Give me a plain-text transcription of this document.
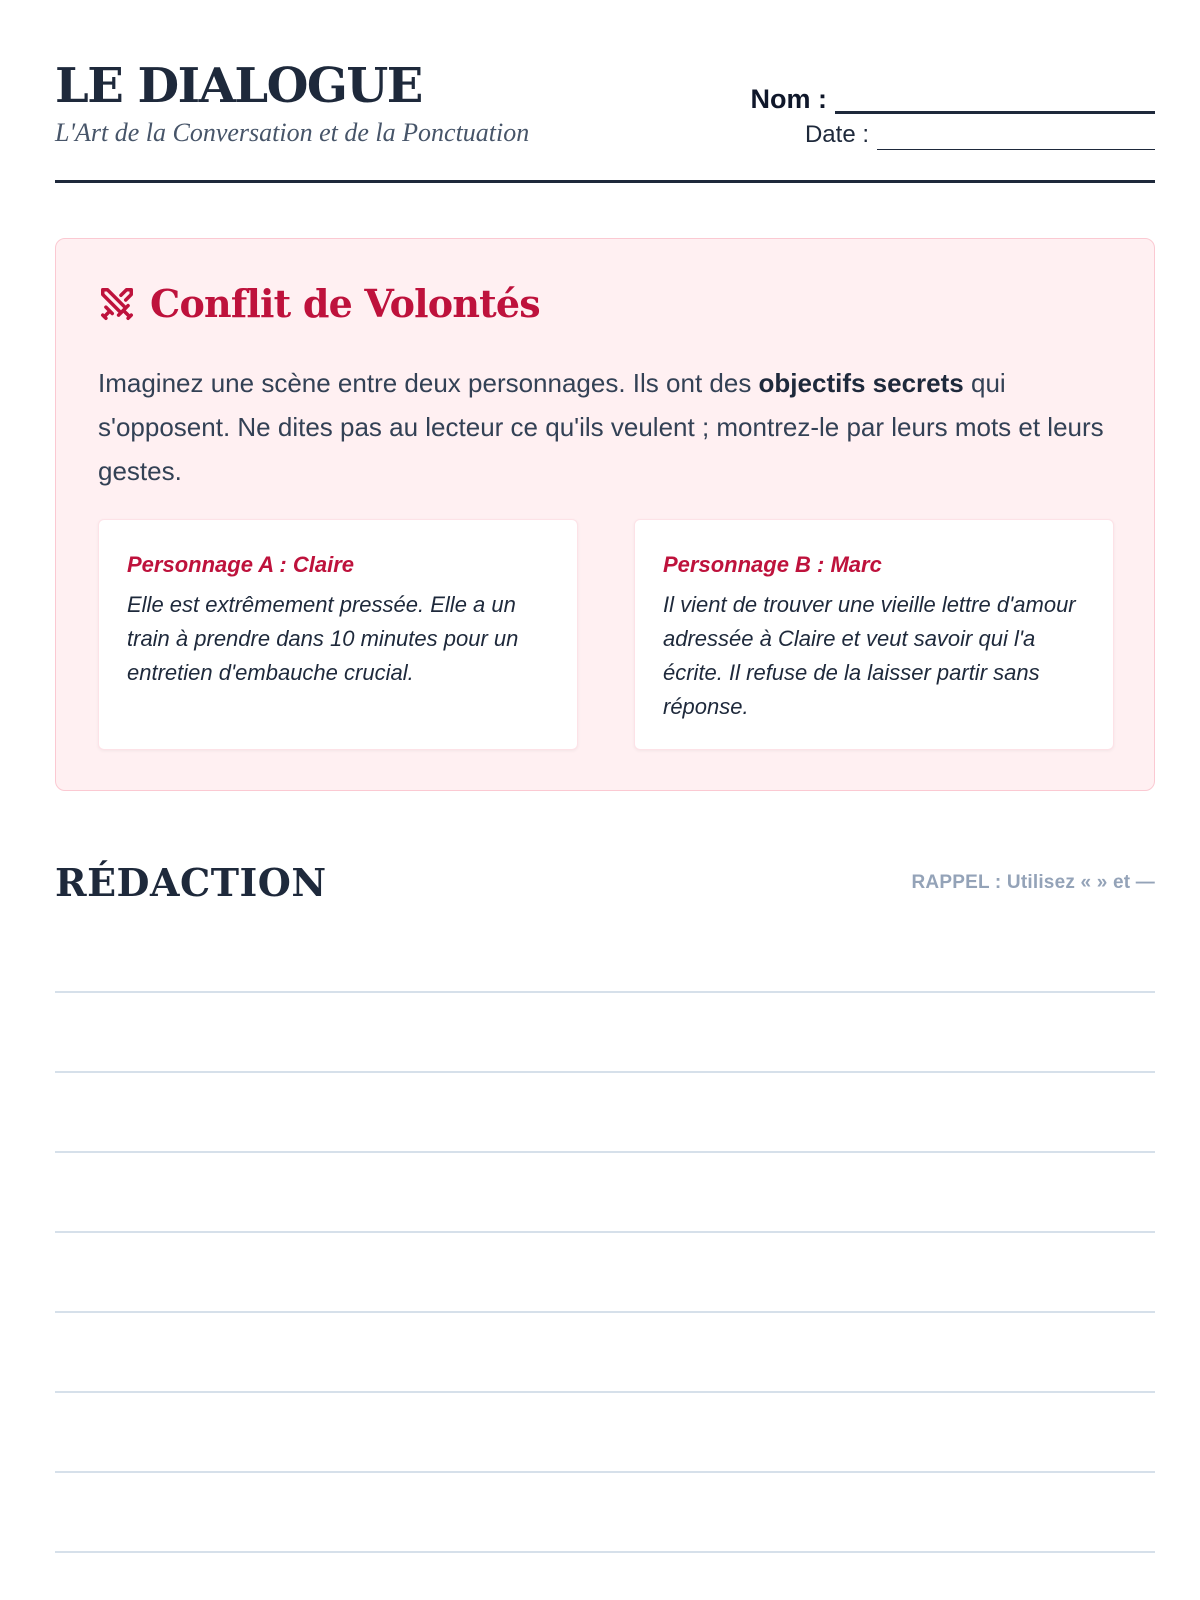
LE DIALOGUE
L'Art de la Conversation et de la Ponctuation
Nom :
Date :
Conflit de Volontés

Imaginez une scène entre deux personnages. Ils ont des objectifs secrets qui s'opposent. Ne dites pas au lecteur ce qu'ils veulent ; montrez-le par leurs mots et leurs gestes.

Personnage A : Claire
Elle est extrêmement pressée. Elle a un train à prendre dans 10 minutes pour un entretien d'embauche crucial.
Personnage B : Marc
Il vient de trouver une vieille lettre d'amour adressée à Claire et veut savoir qui l'a écrite. Il refuse de la laisser partir sans réponse.
RÉDACTION	RAPPEL : Utilisez « » et —
